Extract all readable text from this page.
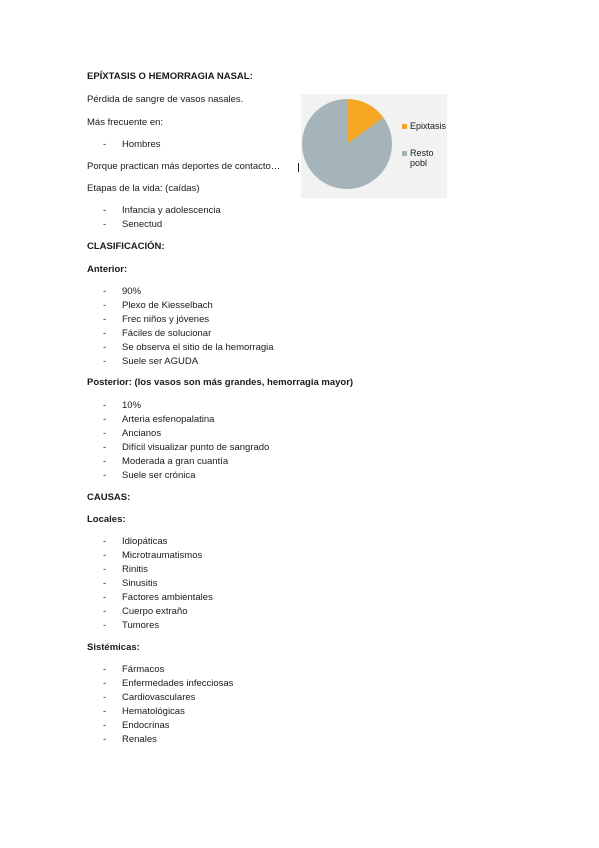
EPÍXTASIS O HEMORRAGIA NASAL:
Pérdida de sangre de vasos nasales.
Más frecuente en:
- Hombres
Porque practican más deportes de contacto…
Etapas de la vida: (caídas)
- Infancia y adolescencia
- Senectud
CLASIFICACIÓN:
Anterior:
- 90%
- Plexo de Kiesselbach
- Frec niños y jóvenes
- Fáciles de solucionar
- Se observa el sitio de la hemorragia
- Suele ser AGUDA
Posterior: (los vasos son más grandes, hemorragia mayor)
- 10%
- Arteria esfenopalatina
- Ancianos
- Difícil visualizar punto de sangrado
- Moderada a gran cuantía
- Suele ser crónica
CAUSAS:
Locales:
- Idiopáticas
- Microtraumatismos
- Rinitis
- Sinusitis
- Factores ambientales
- Cuerpo extraño
- Tumores
Sistémicas:
- Fármacos
- Enfermedades infecciosas
- Cardiovasculares
- Hematológicas
- Endocrinas
- Renales
Epixtasis
Resto pobl
